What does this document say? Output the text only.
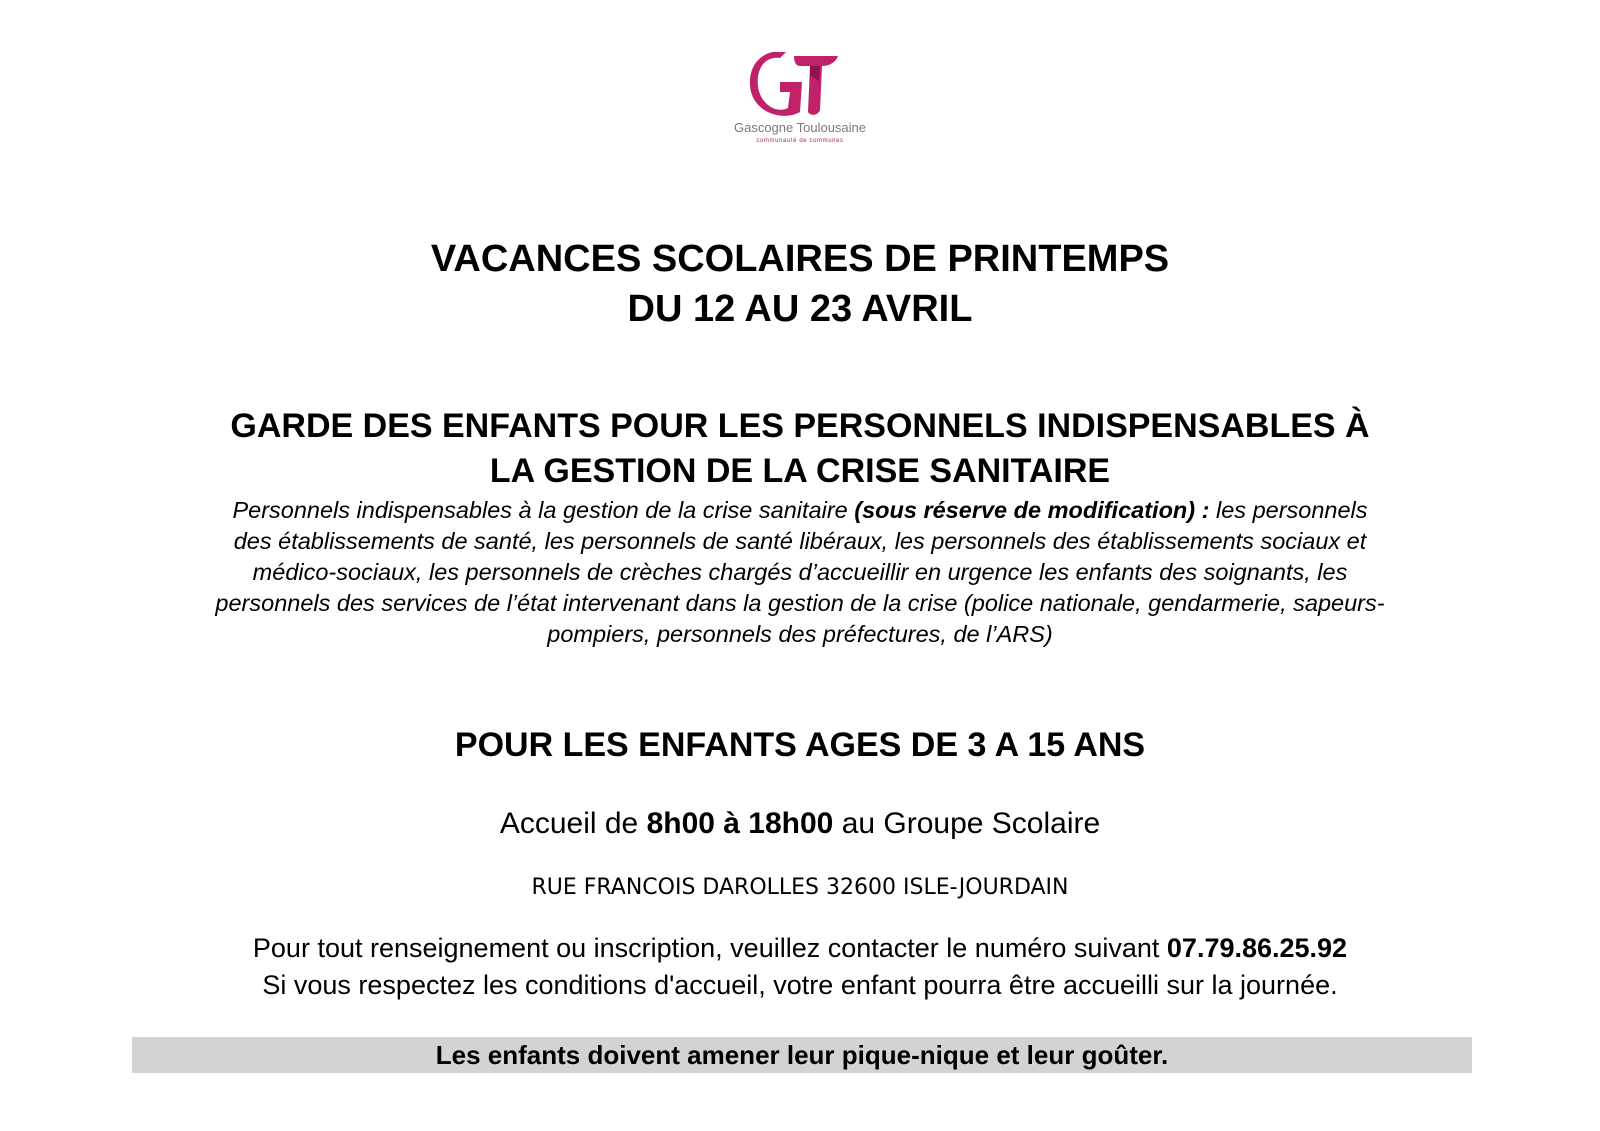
Gascogne Toulousaine
communauté de communes
VACANCES SCOLAIRES DE PRINTEMPS
DU 12 AU 23 AVRIL
GARDE DES ENFANTS POUR LES PERSONNELS INDISPENSABLES À
LA GESTION DE LA CRISE SANITAIRE
Personnels indispensables à la gestion de la crise sanitaire (sous réserve de modification) : les personnels
des établissements de santé, les personnels de santé libéraux, les personnels des établissements sociaux et
médico-sociaux, les personnels de crèches chargés d’accueillir en urgence les enfants des soignants, les
personnels des services de l’état intervenant dans la gestion de la crise (police nationale, gendarmerie, sapeurs-
pompiers, personnels des préfectures, de l’ARS)
POUR LES ENFANTS AGES DE 3 A 15 ANS
Accueil de 8h00 à 18h00 au Groupe Scolaire
RUE FRANCOIS DAROLLES 32600 ISLE-JOURDAIN
Pour tout renseignement ou inscription, veuillez contacter le numéro suivant 07.79.86.25.92
Si vous respectez les conditions d'accueil, votre enfant pourra être accueilli sur la journée.
Les enfants doivent amener leur pique-nique et leur goûter.
